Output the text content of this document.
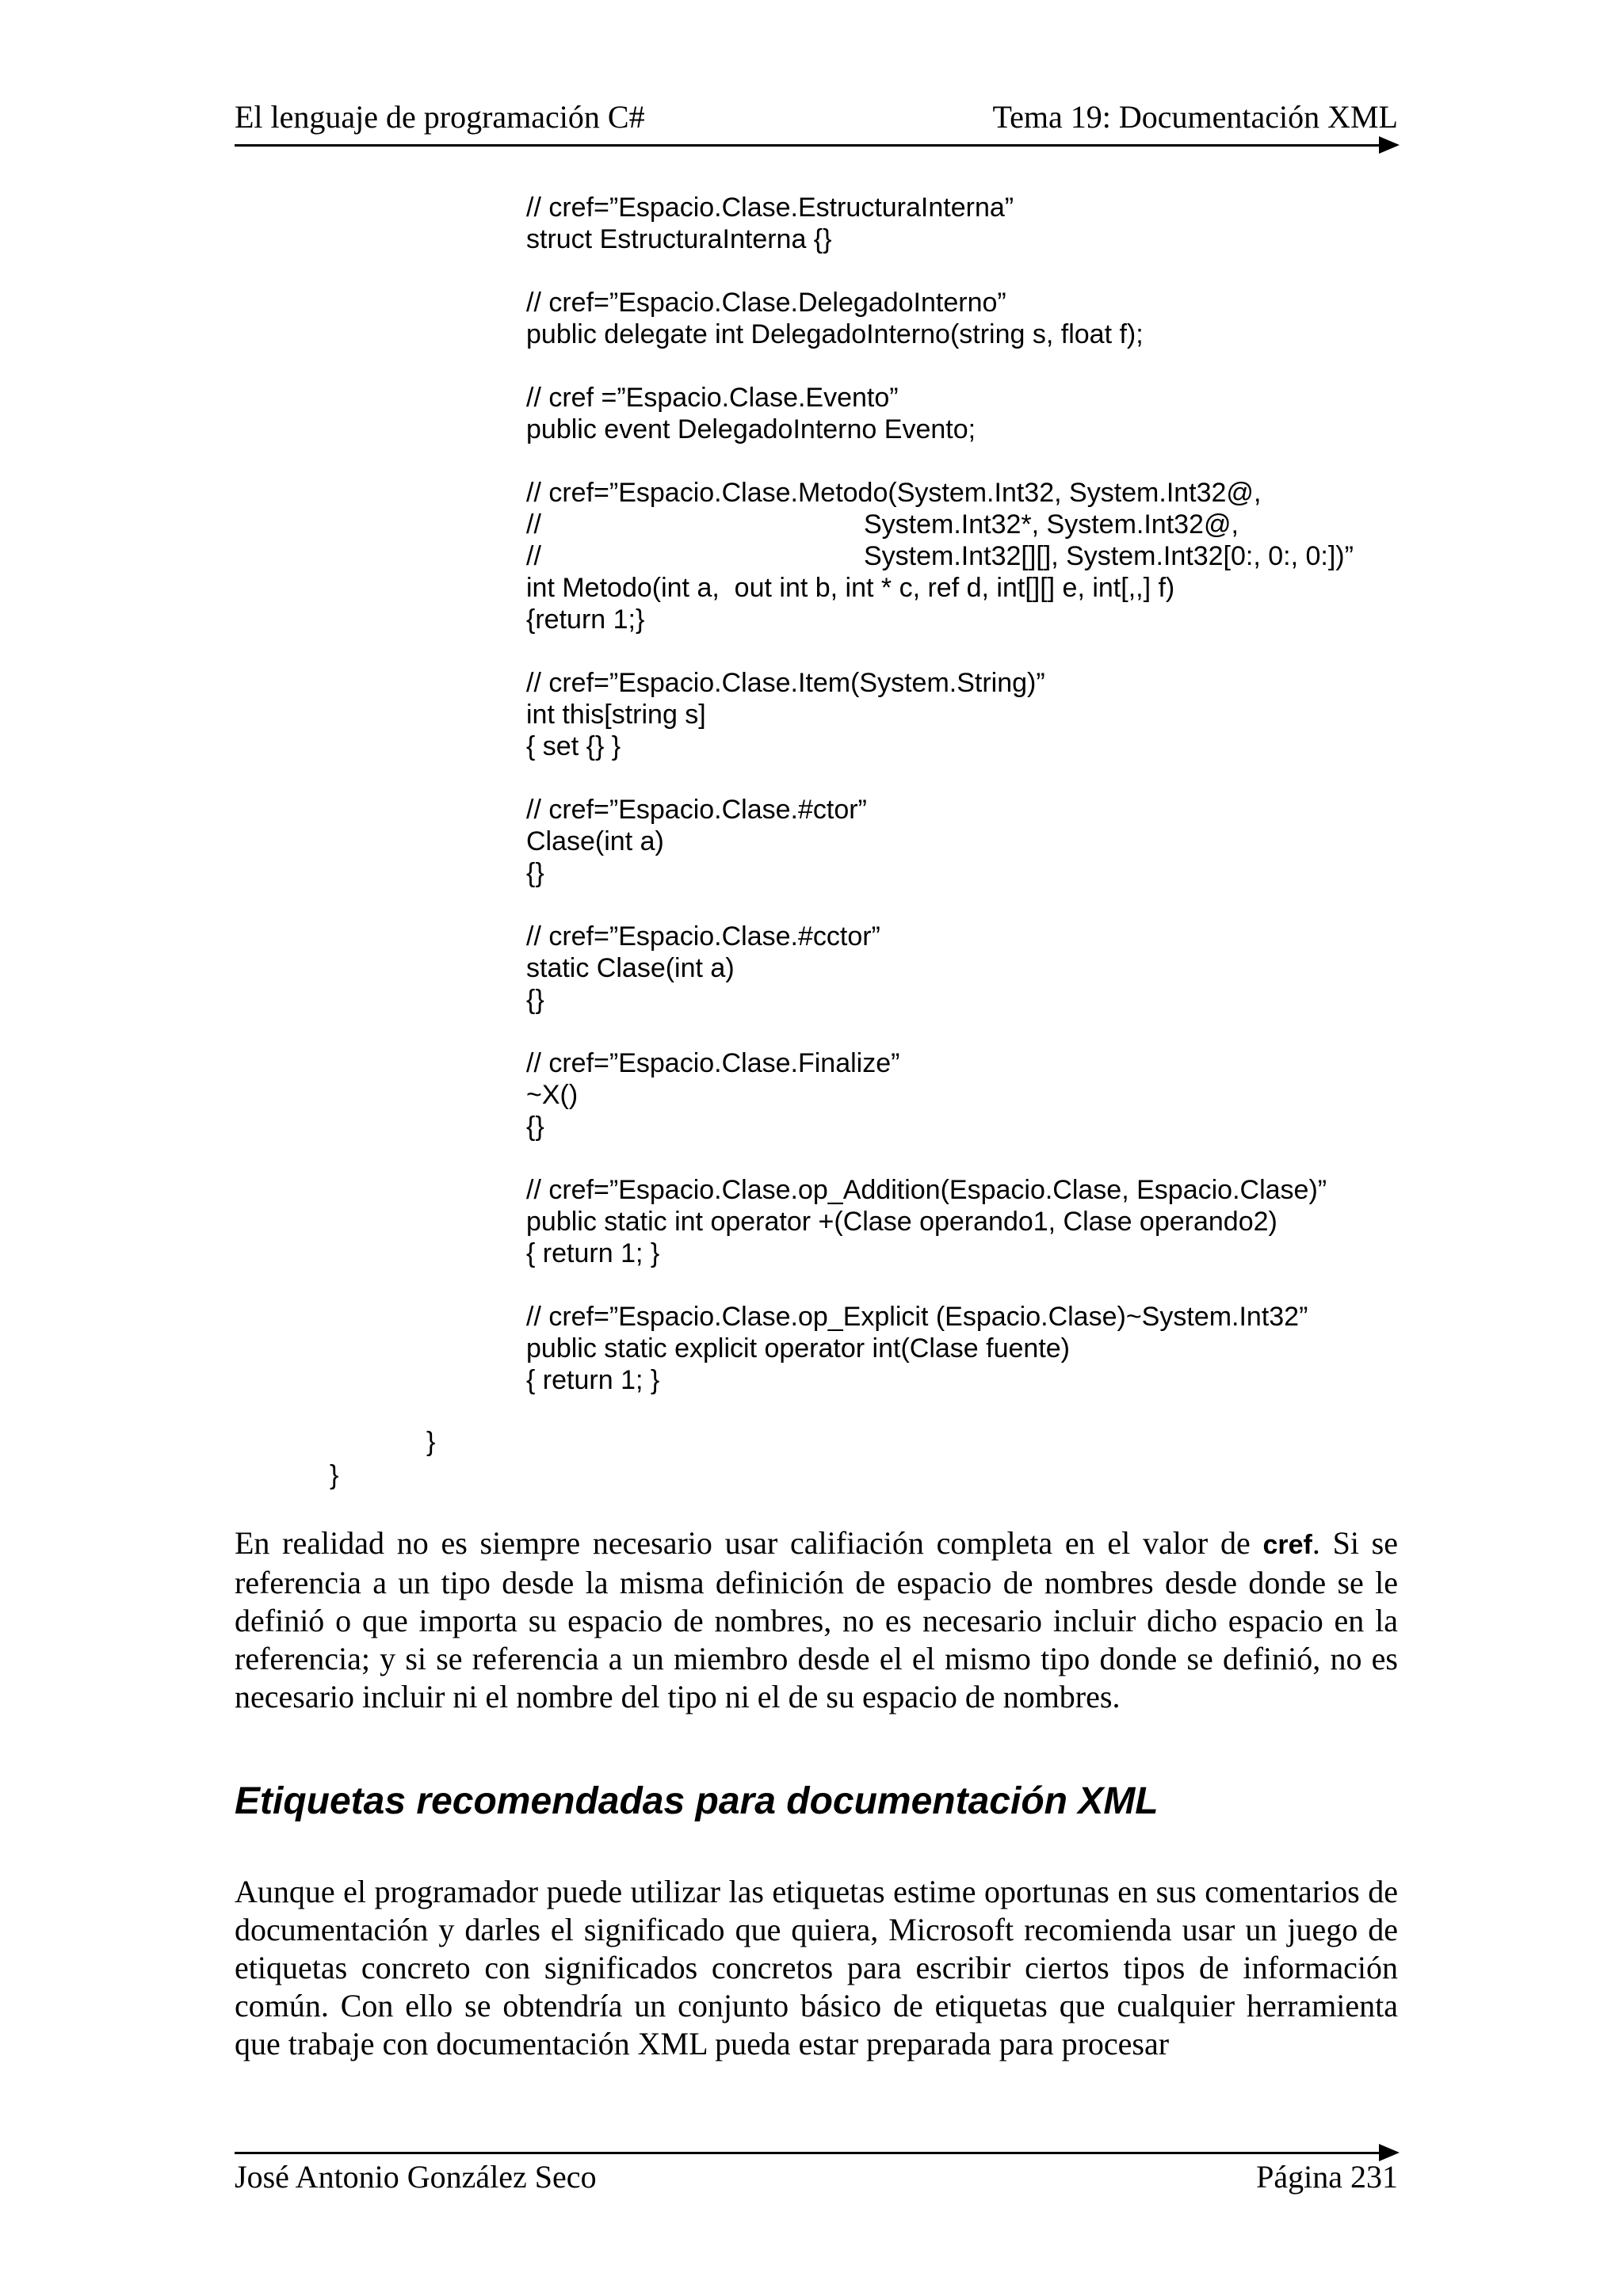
El lenguaje de programación C#	Tema 19: Documentación XML
// cref=”Espacio.Clase.EstructuraInterna”
struct EstructuraInterna {}
// cref=”Espacio.Clase.DelegadoInterno”
public delegate int DelegadoInterno(string s, float f);
// cref =”Espacio.Clase.Evento”
public event DelegadoInterno Evento;
// cref=”Espacio.Clase.Metodo(System.Int32, System.Int32@,
//	System.Int32*, System.Int32@,
//	System.Int32[][], System.Int32[0:, 0:, 0:])”
int Metodo(int a,  out int b, int * c, ref d, int[][] e, int[,,] f)
{return 1;}
// cref=”Espacio.Clase.Item(System.String)”
int this[string s]
{ set {} }
// cref=”Espacio.Clase.#ctor”
Clase(int a)
{}
// cref=”Espacio.Clase.#cctor”
static Clase(int a)
{}
// cref=”Espacio.Clase.Finalize”
~X()
{}
// cref=”Espacio.Clase.op_Addition(Espacio.Clase, Espacio.Clase)”
public static int operator +(Clase operando1, Clase operando2)
{ return 1; }
// cref=”Espacio.Clase.op_Explicit (Espacio.Clase)~System.Int32”
public static explicit operator int(Clase fuente)
{ return 1; }
}
}
En realidad no es siempre necesario usar califiación completa en el valor de cref. Si se referencia a un tipo desde la misma definición de espacio de nombres desde donde se le definió o que importa su espacio de nombres, no es necesario incluir dicho espacio en la referencia; y si se referencia a un miembro desde el el mismo tipo donde se definió, no es necesario incluir ni el nombre del tipo ni el de su espacio de nombres.
Etiquetas recomendadas para documentación XML
Aunque el programador puede utilizar las etiquetas estime oportunas en sus comentarios de documentación y darles el significado que quiera, Microsoft recomienda usar un juego de etiquetas concreto con significados concretos para escribir ciertos tipos de información común. Con ello se obtendría un conjunto básico de etiquetas que cualquier herramienta que trabaje con documentación XML pueda estar preparada para procesar
José Antonio González Seco	Página 231
